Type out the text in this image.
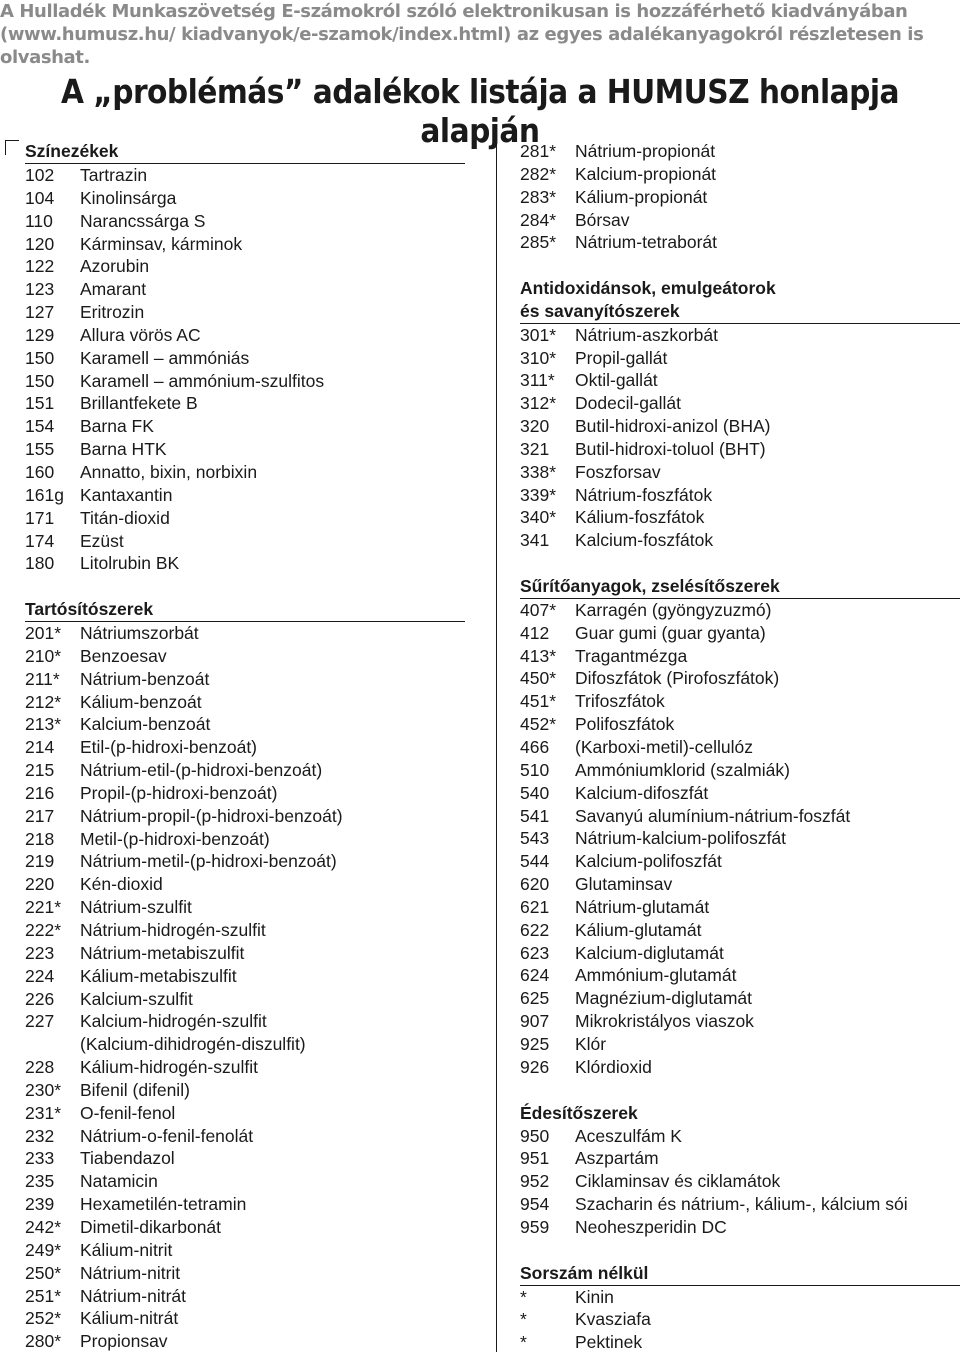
A Hulladék Munkaszövetség E-számokról szóló elektronikusan is hozzáférhető kiadványában (www.humusz.hu/ kiadvanyok/e-szamok/index.html) az egyes adalékanyagokról részletesen is olvashat.
A „problémás” adalékok listája a HUMUSZ honlapja alapján
Színezékek
102	Tartrazin
104	Kinolinsárga
110	Narancssárga S
120	Kárminsav, kárminok
122	Azorubin
123	Amarant
127	Eritrozin
129	Allura vörös AC
150	Karamell – ammóniás
150	Karamell – ammónium-szulfitos
151	Brillantfekete B
154	Barna FK
155	Barna HTK
160	Annatto, bixin, norbixin
161g Kantaxantin
171	Titán-dioxid
174	Ezüst
180	Litolrubin BK
Tartósítószerek
201*	Nátriumszorbát
210*	Benzoesav
211*	Nátrium-benzoát
212*	Kálium-benzoát
213*	Kalcium-benzoát
214	Etil-(p-hidroxi-benzoát)
215	Nátrium-etil-(p-hidroxi-benzoát)
216	Propil-(p-hidroxi-benzoát)
217	Nátrium-propil-(p-hidroxi-benzoát)
218	Metil-(p-hidroxi-benzoát)
219	Nátrium-metil-(p-hidroxi-benzoát)
220	Kén-dioxid
221*	Nátrium-szulfit
222*	Nátrium-hidrogén-szulfit
223	Nátrium-metabiszulfit
224	Kálium-metabiszulfit
226	Kalcium-szulfit
227	Kalcium-hidrogén-szulfit
(Kalcium-dihidrogén-diszulfit)
228	Kálium-hidrogén-szulfit
230*	Bifenil (difenil)
231*	O-fenil-fenol
232	Nátrium-o-fenil-fenolát
233	Tiabendazol
235	Natamicin
239	Hexametilén-tetramin
242*	Dimetil-dikarbonát
249*	Kálium-nitrit
250*	Nátrium-nitrit
251*	Nátrium-nitrát
252*	Kálium-nitrát
280*	Propionsav
281*	Nátrium-propionát
282*	Kalcium-propionát
283*	Kálium-propionát
284*	Bórsav
285*	Nátrium-tetraborát
Antidoxidánsok, emulgeátorok
és savanyítószerek
301*	Nátrium-aszkorbát
310*	Propil-gallát
311*	Oktil-gallát
312*	Dodecil-gallát
320	Butil-hidroxi-anizol (BHA)
321	Butil-hidroxi-toluol (BHT)
338*	Foszforsav
339*	Nátrium-foszfátok
340*	Kálium-foszfátok
341	Kalcium-foszfátok
Sűrítőanyagok, zselésítőszerek
407*	Karragén (gyöngyzuzmó)
412	Guar gumi (guar gyanta)
413*	Tragantmézga
450*	Difoszfátok (Pirofoszfátok)
451*	Trifoszfátok
452*	Polifoszfátok
466	(Karboxi-metil)-cellulóz
510	Ammóniumklorid (szalmiák)
540	Kalcium-difoszfát
541	Savanyú alumínium-nátrium-foszfát
543	Nátrium-kalcium-polifoszfát
544	Kalcium-polifoszfát
620	Glutaminsav
621	Nátrium-glutamát
622	Kálium-glutamát
623	Kalcium-diglutamát
624	Ammónium-glutamát
625	Magnézium-diglutamát
907	Mikrokristályos viaszok
925	Klór
926	Klórdioxid
Édesítőszerek
950	Aceszulfám K
951	Aszpartám
952	Ciklaminsav és ciklamátok
954	Szacharin és nátrium-, kálium-, kálcium sói
959	Neoheszperidin DC
Sorszám nélkül
*	Kinin
*	Kvasziafa
*	Pektinek
